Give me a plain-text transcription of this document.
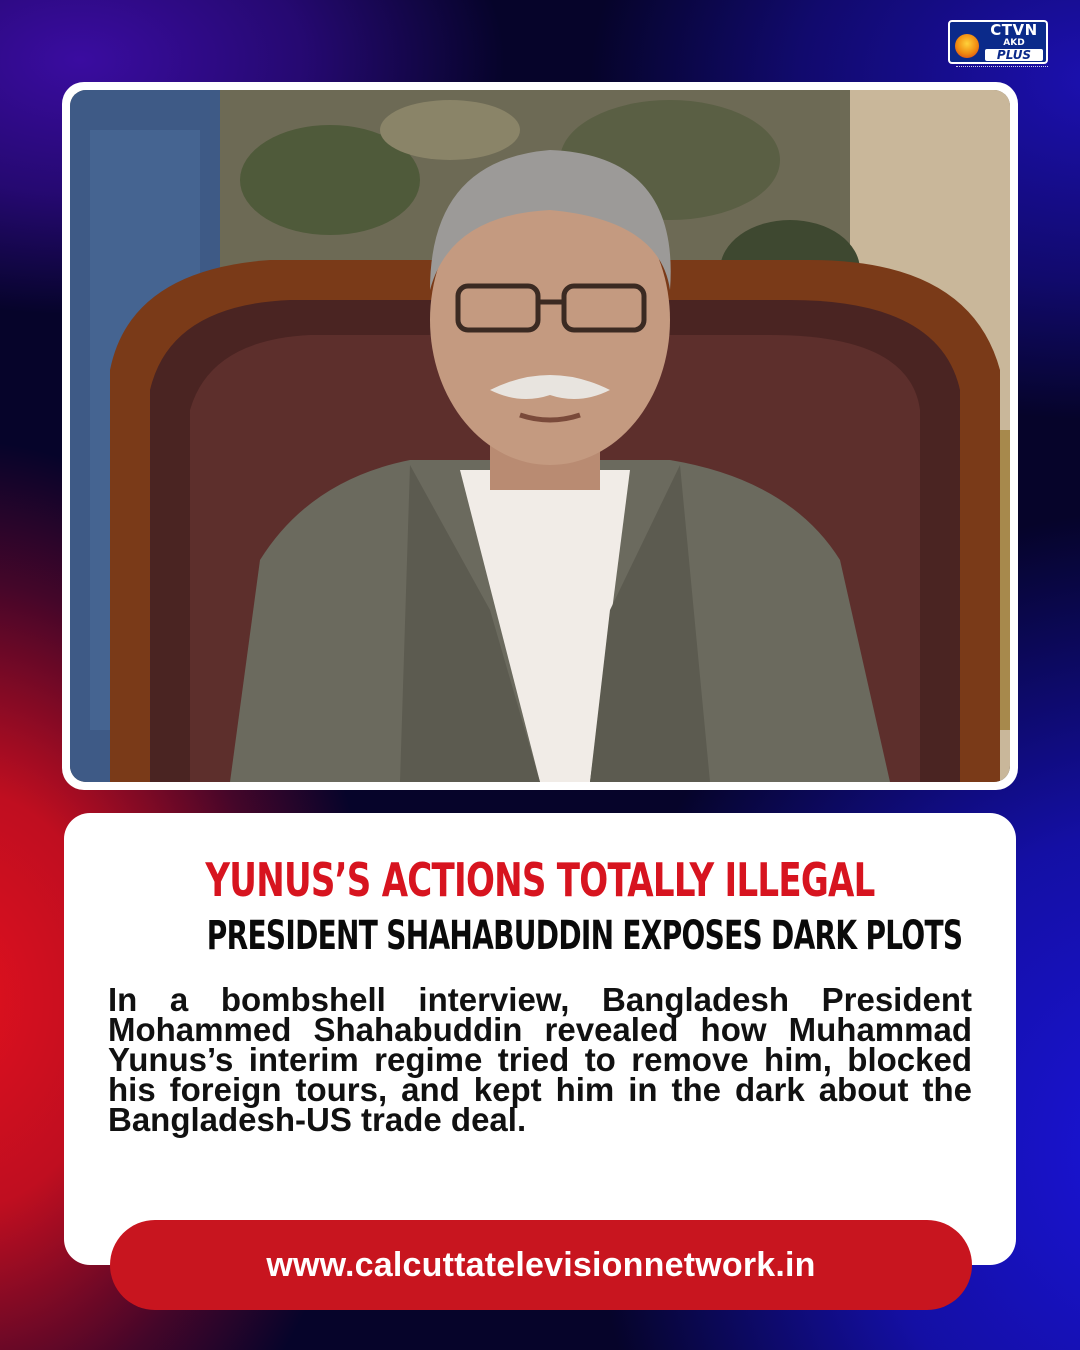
CTVN
AKD
PLUS
YUNUS’S ACTIONS TOTALLY ILLEGAL
PRESIDENT SHAHABUDDIN EXPOSES DARK PLOTS
In a bombshell interview, Bangladesh President Mohammed Shahabuddin revealed how Muhammad Yunus’s interim regime tried to remove him, blocked his foreign tours, and kept him in the dark about the Bangladesh-US trade deal.
www.calcuttatelevisionnetwork.in
